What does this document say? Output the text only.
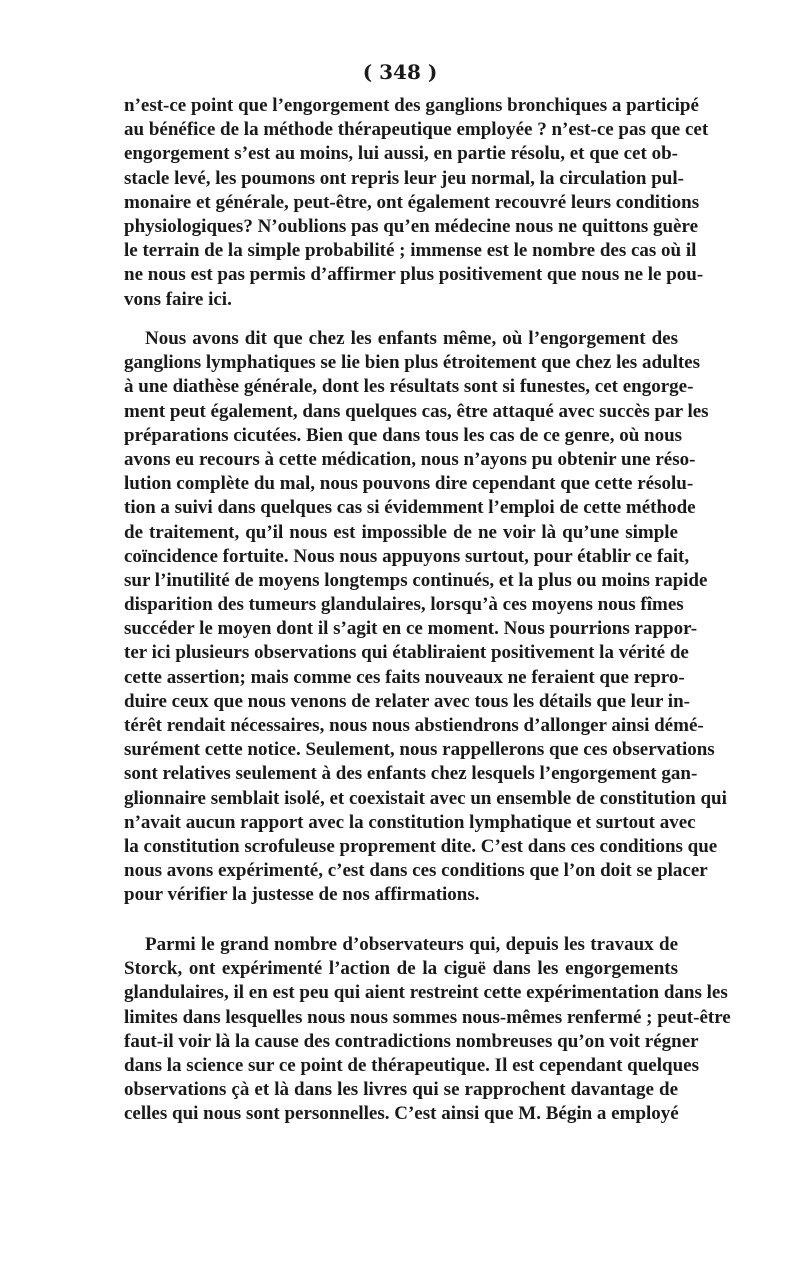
( 348 )
n’est-ce point que l’engorgement des ganglions bronchiques a participé
au bénéfice de la méthode thérapeutique employée ? n’est-ce pas que cet
engorgement s’est au moins, lui aussi, en partie résolu, et que cet ob-
stacle levé, les poumons ont repris leur jeu normal, la circulation pul-
monaire et générale, peut-être, ont également recouvré leurs conditions
physiologiques? N’oublions pas qu’en médecine nous ne quittons guère
le terrain de la simple probabilité ; immense est le nombre des cas où il
ne nous est pas permis d’affirmer plus positivement que nous ne le pou-
vons faire ici.
Nous avons dit que chez les enfants même, où l’engorgement des
ganglions lymphatiques se lie bien plus étroitement que chez les adultes
à une diathèse générale, dont les résultats sont si funestes, cet engorge-
ment peut également, dans quelques cas, être attaqué avec succès par les
préparations cicutées. Bien que dans tous les cas de ce genre, où nous
avons eu recours à cette médication, nous n’ayons pu obtenir une réso-
lution complète du mal, nous pouvons dire cependant que cette résolu-
tion a suivi dans quelques cas si évidemment l’emploi de cette méthode
de traitement, qu’il nous est impossible de ne voir là qu’une simple
coïncidence fortuite. Nous nous appuyons surtout, pour établir ce fait,
sur l’inutilité de moyens longtemps continués, et la plus ou moins rapide
disparition des tumeurs glandulaires, lorsqu’à ces moyens nous fîmes
succéder le moyen dont il s’agit en ce moment. Nous pourrions rappor-
ter ici plusieurs observations qui établiraient positivement la vérité de
cette assertion; mais comme ces faits nouveaux ne feraient que repro-
duire ceux que nous venons de relater avec tous les détails que leur in-
térêt rendait nécessaires, nous nous abstiendrons d’allonger ainsi démé-
surément cette notice. Seulement, nous rappellerons que ces observations
sont relatives seulement à des enfants chez lesquels l’engorgement gan-
glionnaire semblait isolé, et coexistait avec un ensemble de constitution qui
n’avait aucun rapport avec la constitution lymphatique et surtout avec
la constitution scrofuleuse proprement dite. C’est dans ces conditions que
nous avons expérimenté, c’est dans ces conditions que l’on doit se placer
pour vérifier la justesse de nos affirmations.
Parmi le grand nombre d’observateurs qui, depuis les travaux de
Storck, ont expérimenté l’action de la ciguë dans les engorgements
glandulaires, il en est peu qui aient restreint cette expérimentation dans les
limites dans lesquelles nous nous sommes nous-mêmes renfermé ; peut-être
faut-il voir là la cause des contradictions nombreuses qu’on voit régner
dans la science sur ce point de thérapeutique. Il est cependant quelques
observations çà et là dans les livres qui se rapprochent davantage de
celles qui nous sont personnelles. C’est ainsi que M. Bégin a employé
